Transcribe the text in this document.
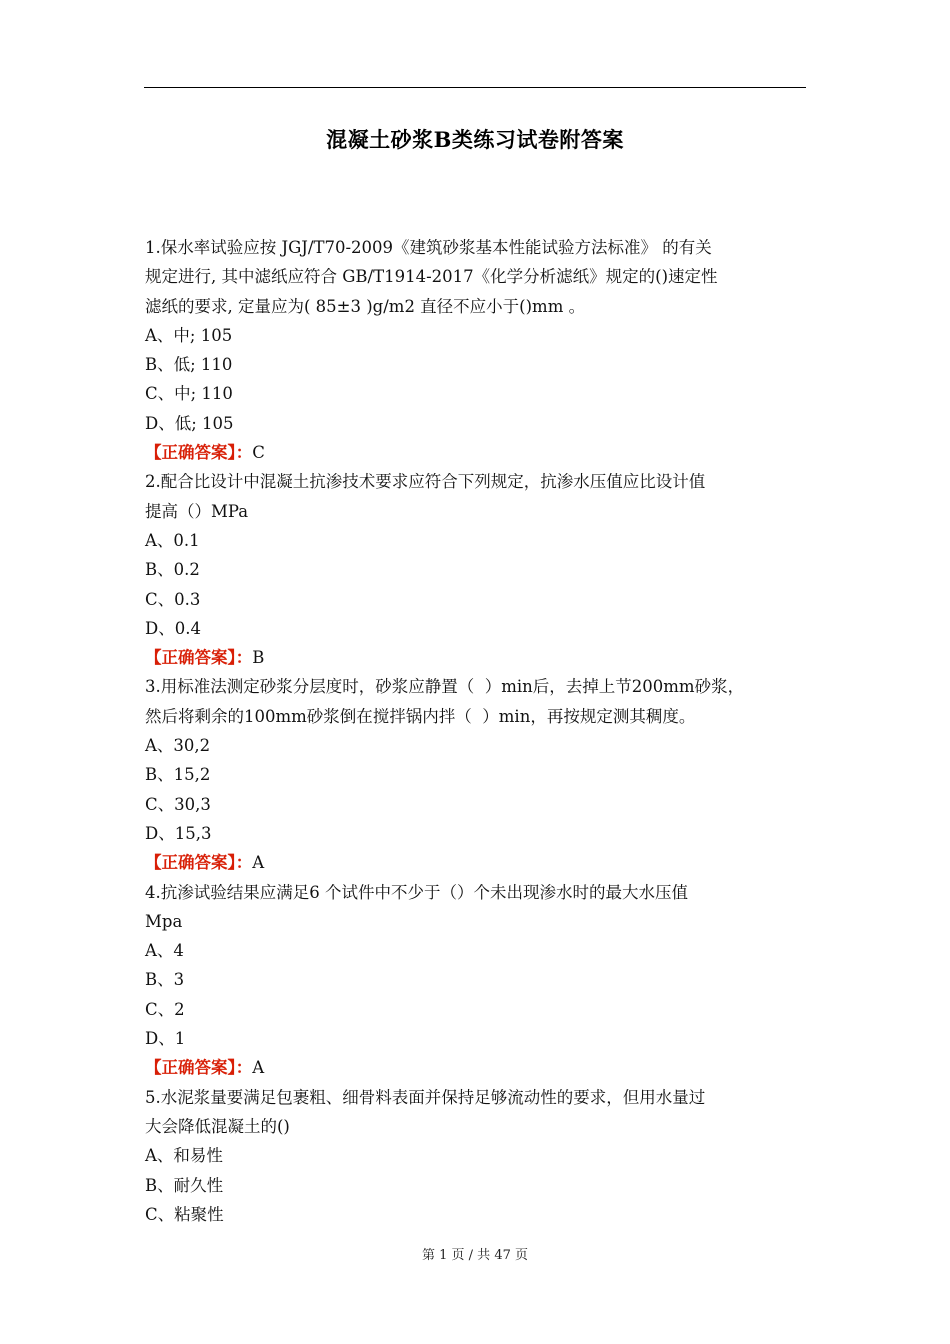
混凝土砂浆B类练习试卷附答案
1.保水率试验应按 JGJ/T70-2009《建筑砂浆基本性能试验方法标准》 的有关
规定进行, 其中滤纸应符合 GB/T1914-2017《化学分析滤纸》规定的()速定性
滤纸的要求, 定量应为( 85±3 )g/m2 直径不应小于()mm 。
A、中; 105
B、低; 110
C、中; 110
D、低; 105
【正确答案】：C
2.配合比设计中混凝土抗渗技术要求应符合下列规定，抗渗水压值应比设计值
提高（）MPa
A、0.1
B、0.2
C、0.3
D、0.4
【正确答案】：B
3.用标准法测定砂浆分层度时，砂浆应静置（  ）min后，去掉上节200mm砂浆，
然后将剩余的100mm砂浆倒在搅拌锅内拌（  ）min，再按规定测其稠度。
A、30,2
B、15,2
C、30,3
D、15,3
【正确答案】：A
4.抗渗试验结果应满足6 个试件中不少于（）个未出现渗水时的最大水压值
Mpa
A、4
B、3
C、2
D、1
【正确答案】：A
5.水泥浆量要满足包裹粗、细骨料表面并保持足够流动性的要求，但用水量过
大会降低混凝土的()
A、和易性
B、耐久性
C、粘聚性
第 1 页 / 共 47 页
